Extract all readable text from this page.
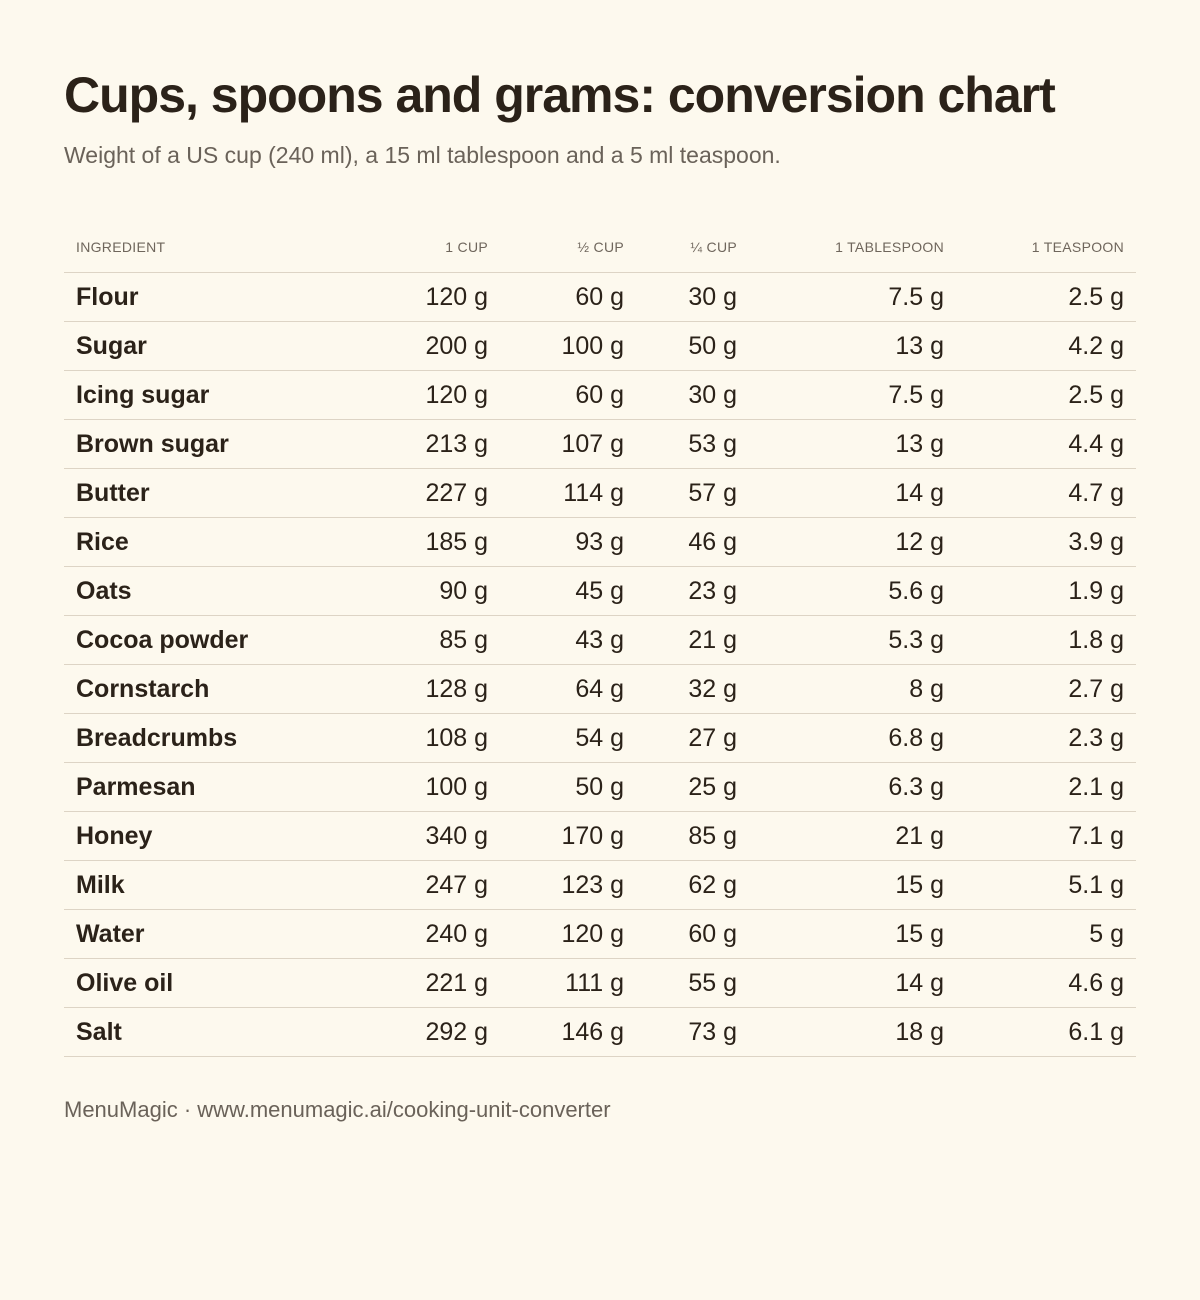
Cups, spoons and grams: conversion chart

Weight of a US cup (240 ml), a 15 ml tablespoon and a 5 ml teaspoon.

INGREDIENT	1 CUP	½ CUP	¼ CUP	1 TABLESPOON	1 TEASPOON
Flour	120 g	60 g	30 g	7.5 g	2.5 g
Sugar	200 g	100 g	50 g	13 g	4.2 g
Icing sugar	120 g	60 g	30 g	7.5 g	2.5 g
Brown sugar	213 g	107 g	53 g	13 g	4.4 g
Butter	227 g	114 g	57 g	14 g	4.7 g
Rice	185 g	93 g	46 g	12 g	3.9 g
Oats	90 g	45 g	23 g	5.6 g	1.9 g
Cocoa powder	85 g	43 g	21 g	5.3 g	1.8 g
Cornstarch	128 g	64 g	32 g	8 g	2.7 g
Breadcrumbs	108 g	54 g	27 g	6.8 g	2.3 g
Parmesan	100 g	50 g	25 g	6.3 g	2.1 g
Honey	340 g	170 g	85 g	21 g	7.1 g
Milk	247 g	123 g	62 g	15 g	5.1 g
Water	240 g	120 g	60 g	15 g	5 g
Olive oil	221 g	111 g	55 g	14 g	4.6 g
Salt	292 g	146 g	73 g	18 g	6.1 g

MenuMagic · www.menumagic.ai/cooking-unit-converter
